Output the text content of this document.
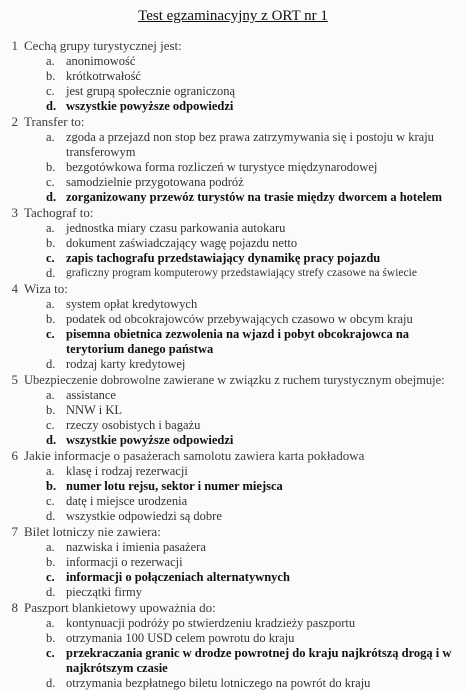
Test egzaminacyjny z ORT nr 1
1 Cechą grupy turystycznej jest:
a. anonimowość
b. krótkotrwałość
c. jest grupą społecznie ograniczoną
d. wszystkie powyższe odpowiedzi
2 Transfer to:
a. zgoda a przejazd non stop bez prawa zatrzymywania się i postoju w kraju transferowym
b. bezgotówkowa forma rozliczeń w turystyce międzynarodowej
c. samodzielnie przygotowana podróż
d. zorganizowany przewóz turystów na trasie między dworcem a hotelem
3 Tachograf to:
a. jednostka miary czasu parkowania autokaru
b. dokument zaświadczający wagę pojazdu netto
c. zapis tachografu przedstawiający dynamikę pracy pojazdu
d. graficzny program komputerowy przedstawiający strefy czasowe na świecie
4 Wiza to:
a. system opłat kredytowych
b. podatek od obcokrajowców przebywających czasowo w obcym kraju
c. pisemna obietnica zezwolenia na wjazd i pobyt obcokrajowca na terytorium danego państwa
d. rodzaj karty kredytowej
5 Ubezpieczenie dobrowolne zawierane w związku z ruchem turystycznym obejmuje:
a. assistance
b. NNW i KL
c. rzeczy osobistych i bagażu
d. wszystkie powyższe odpowiedzi
6 Jakie informacje o pasażerach samolotu zawiera karta pokładowa
a. klasę i rodzaj rezerwacji
b. numer lotu rejsu, sektor i numer miejsca
c. datę i miejsce urodzenia
d. wszystkie odpowiedzi są dobre
7 Bilet lotniczy nie zawiera:
a. nazwiska i imienia pasażera
b. informacji o rezerwacji
c. informacji o połączeniach alternatywnych
d. pieczątki firmy
8 Paszport blankietowy upoważnia do:
a. kontynuacji podróży po stwierdzeniu kradzieży paszportu
b. otrzymania 100 USD celem powrotu do kraju
c. przekraczania granic w drodze powrotnej do kraju najkrótszą drogą i w najkrótszym czasie
d. otrzymania bezpłatnego biletu lotniczego na powrót do kraju
